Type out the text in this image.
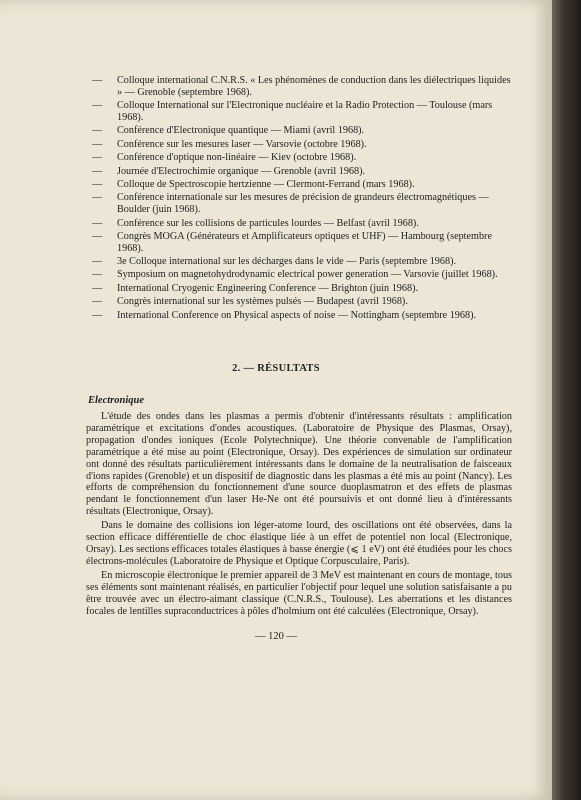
—	Colloque international C.N.R.S. « Les phénomènes de conduction dans les diélectriques liquides » — Grenoble (septembre 1968).
—	Colloque International sur l'Electronique nucléaire et la Radio Protection — Toulouse (mars 1968).
—	Conférence d'Electronique quantique — Miami (avril 1968).
—	Conférence sur les mesures laser — Varsovie (octobre 1968).
—	Conférence d'optique non-linéaire — Kiev (octobre 1968).
—	Journée d'Electrochimie organique — Grenoble (avril 1968).
—	Colloque de Spectroscopie hertzienne — Clermont-Ferrand (mars 1968).
—	Conférence internationale sur les mesures de précision de grandeurs électromagnétiques — Boulder (juin 1968).
—	Conférence sur les collisions de particules lourdes — Belfast (avril 1968).
—	Congrès MOGA (Générateurs et Amplificateurs optiques et UHF) — Hambourg (septembre 1968).
—	3e Colloque international sur les décharges dans le vide — Paris (septembre 1968).
—	Symposium on magnetohydrodynamic electrical power generation — Varsovie (juillet 1968).
—	International Cryogenic Engineering Conference — Brighton (juin 1968).
—	Congrès international sur les systèmes pulsés — Budapest (avril 1968).
—	International Conference on Physical aspects of noise — Nottingham (septembre 1968).
2. — RÉSULTATS
Electronique

L'étude des ondes dans les plasmas a permis d'obtenir d'intéressants résultats : amplification paramétrique et excitations d'ondes acoustiques. (Laboratoire de Physique des Plasmas, Orsay), propagation d'ondes ioniques (Ecole Polytechnique). Une théorie convenable de l'amplification paramétrique a été mise au point (Electronique, Orsay). Des expériences de simulation sur ordinateur ont donné des résultats particulièrement intéressants dans le domaine de la neutralisation de faisceaux d'ions rapides (Grenoble) et un dispositif de diagnostic dans les plasmas a été mis au point (Nancy). Les efforts de compréhension du fonctionnement d'une source duoplasmatron et des effets de plasmas pendant le fonctionnement d'un laser He-Ne ont été poursuivis et ont donné lieu à d'intéressants résultats (Electronique, Orsay).

Dans le domaine des collisions ion léger-atome lourd, des oscillations ont été observées, dans la section efficace différentielle de choc élastique liée à un effet de potentiel non local (Electronique, Orsay). Les sections efficaces totales élastiques à basse énergie (⩽ 1 eV) ont été étudiées pour les chocs électrons-molécules (Laboratoire de Physique et Optique Corpusculaire, Paris).

En microscopie électronique le premier appareil de 3 MeV est maintenant en cours de montage, tous ses éléments sont maintenant réalisés, en particulier l'objectif pour lequel une solution satisfaisante a pu être trouvée avec un électro-aimant classique (C.N.R.S., Toulouse). Les aberrations et les distances focales de lentilles supraconductrices à pôles d'holmium ont été calculées (Electronique, Orsay).

— 120 —
